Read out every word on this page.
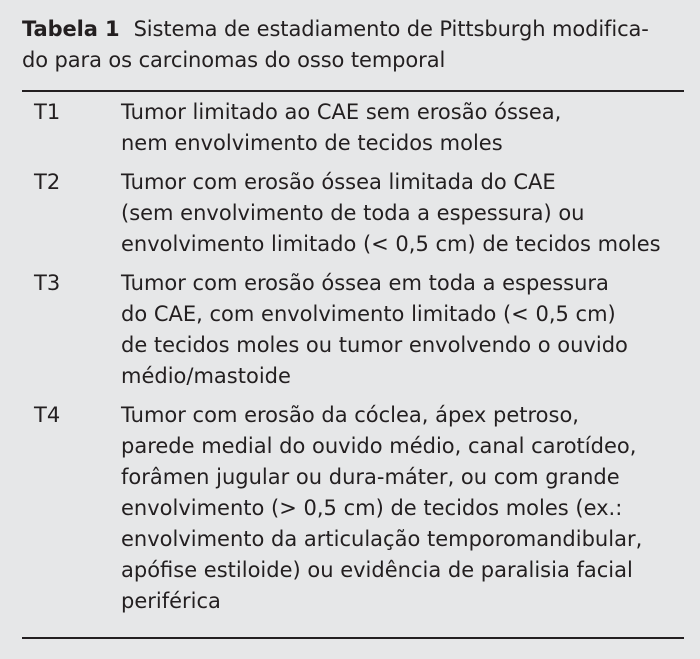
Tabela 1 Sistema de estadiamento de Pittsburgh modifica-
do para os carcinomas do osso temporal

T1	Tumor limitado ao CAE sem erosão óssea,
nem envolvimento de tecidos moles
T2	Tumor com erosão óssea limitada do CAE
(sem envolvimento de toda a espessura) ou
envolvimento limitado (< 0,5 cm) de tecidos moles
T3	Tumor com erosão óssea em toda a espessura
do CAE, com envolvimento limitado (< 0,5 cm)
de tecidos moles ou tumor envolvendo o ouvido
médio/mastoide
T4	Tumor com erosão da cóclea, ápex petroso,
parede medial do ouvido médio, canal carotídeo,
forâmen jugular ou dura-máter, ou com grande
envolvimento (> 0,5 cm) de tecidos moles (ex.:
envolvimento da articulação temporomandibular,
apófise estiloide) ou evidência de paralisia facial
periférica
